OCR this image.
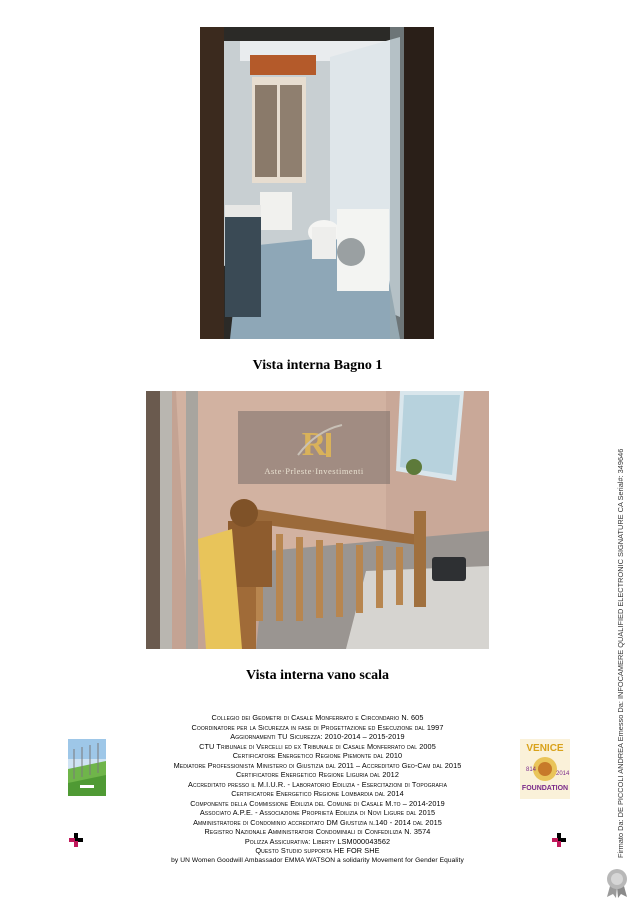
Vista interna Bagno 1
R
Aste·Prleste·Investimenti
Vista interna vano scala
VENICE
814
2014
FOUNDATION
Collegio dei Geometri di Casale Monferrato e Circondario N. 605
Coordinatore per la Sicurezza in fase di Progettazione ed Esecuzione dal 1997
Aggiornamenti TU Sicurezza: 2010-2014 – 2015-2019
CTU Tribunale di Vercelli ed ex Tribunale di Casale Monferrato dal 2005
Certificatore Energetico Regione Piemonte dal 2010
Mediatore Professionista Ministero di Giustizia dal 2011 – Accreditato Geo-Cam dal 2015
Certificatore Energetico Regione Liguria dal 2012
Accreditato presso il M.I.U.R. - Laboratorio Edilizia - Esercitazioni di Topografia
Certificatore Energetico Regione Lombardia dal 2014
Componente della Commissione Edilizia del Comune di Casale M.to – 2014-2019
Associato A.P.E. - Associazione Proprietà Edilizia di Novi Ligure dal 2015
Amministratore di Condominio accreditato DM Giustizia n.140 - 2014 dal 2015
Registro Nazionale Amministratori Condominiali di Confedilizia N. 3574
Polizza Assicurativa: Liberty LSM000043562
Questo Studio supporta HE FOR SHE
by UN Women Goodwill Ambassador EMMA WATSON a solidarity Movement for Gender Equality
Firmato Da: DE PICCOLI ANDREA Emesso Da: INFOCAMERE QUALIFIED ELECTRONIC SIGNATURE CA Serial#: 349646
